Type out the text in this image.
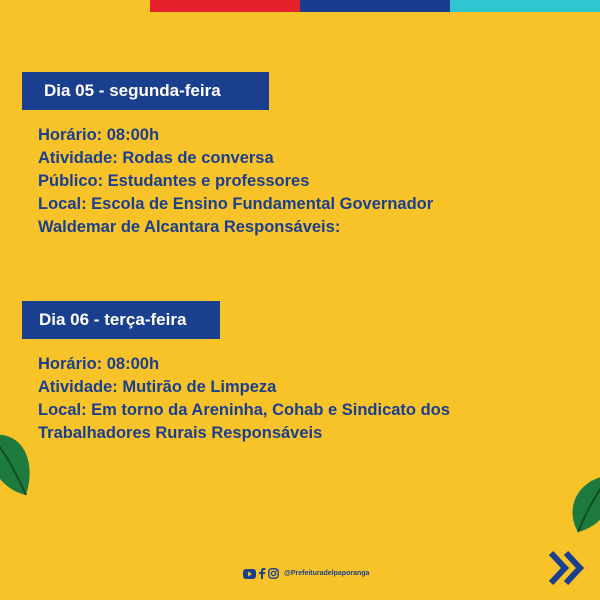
Dia 05 - segunda-feira
Horário: 08:00h
Atividade: Rodas de conversa
Público: Estudantes e professores
Local: Escola de Ensino Fundamental Governador
Waldemar de Alcantara Responsáveis:
Dia 06 - terça-feira
Horário: 08:00h
Atividade: Mutirão de Limpeza
Local: Em torno da Areninha, Cohab e Sindicato dos
Trabalhadores Rurais Responsáveis
@Prefeituradelpaporanga
